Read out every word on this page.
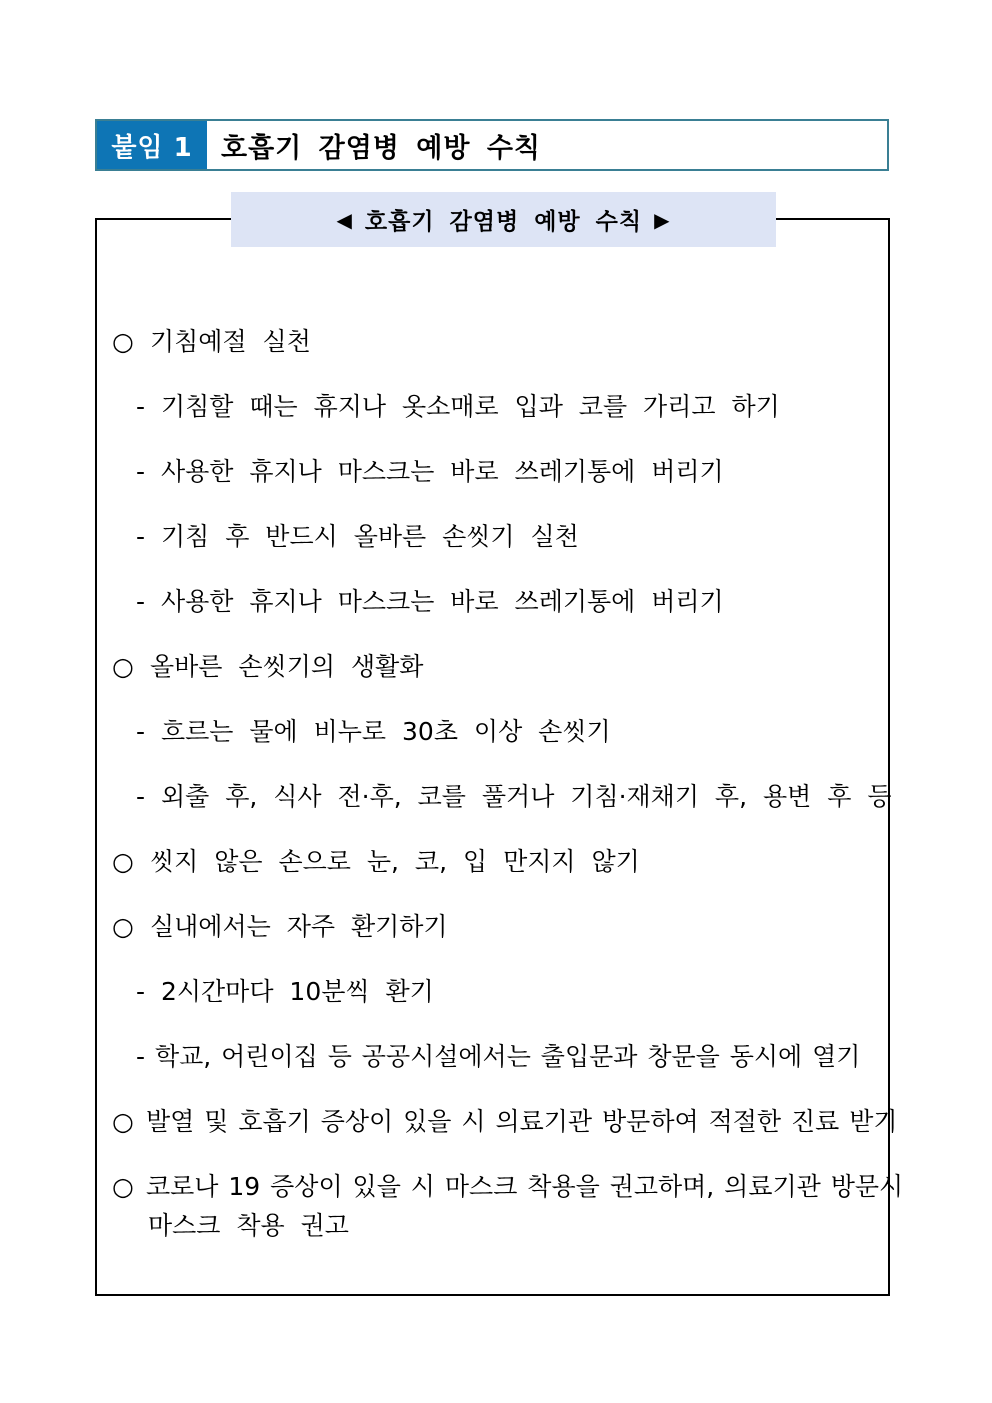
붙임 1	호흡기 감염병 예방 수칙
◀ 호흡기 감염병 예방 수칙 ▶
○ 기침예절 실천
- 기침할 때는 휴지나 옷소매로 입과 코를 가리고 하기
- 사용한 휴지나 마스크는 바로 쓰레기통에 버리기
- 기침 후 반드시 올바른 손씻기 실천
- 사용한 휴지나 마스크는 바로 쓰레기통에 버리기
○ 올바른 손씻기의 생활화
- 흐르는 물에 비누로 30초 이상 손씻기
- 외출 후, 식사 전·후, 코를 풀거나 기침·재채기 후, 용변 후 등
○ 씻지 않은 손으로 눈, 코, 입 만지지 않기
○ 실내에서는 자주 환기하기
- 2시간마다 10분씩 환기
- 학교, 어린이집 등 공공시설에서는 출입문과 창문을 동시에 열기
○ 발열 및 호흡기 증상이 있을 시 의료기관 방문하여 적절한 진료 받기
○ 코로나 19 증상이 있을 시 마스크 착용을 권고하며, 의료기관 방문시
마스크 착용 권고
